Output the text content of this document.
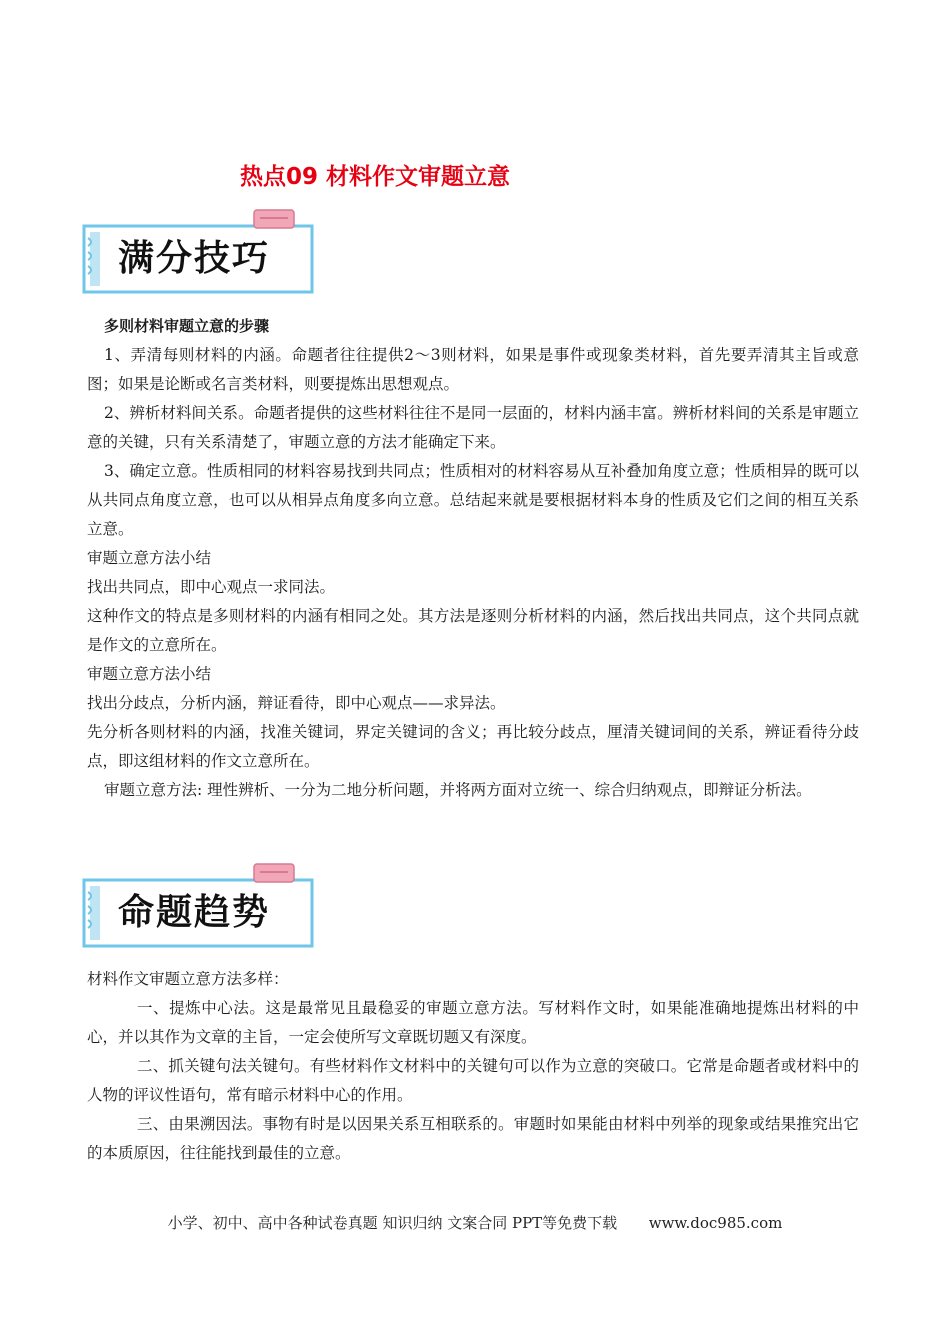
热点09 材料作文审题立意
满分技巧

多则材料审题立意的步骤

1、弄清每则材料的内涵。命题者往往提供2～3则材料，如果是事件或现象类材料，首先要弄清其主旨或意图；如果是论断或名言类材料，则要提炼出思想观点。

2、辨析材料间关系。命题者提供的这些材料往往不是同一层面的，材料内涵丰富。辨析材料间的关系是审题立意的关键，只有关系清楚了，审题立意的方法才能确定下来。

3、确定立意。性质相同的材料容易找到共同点；性质相对的材料容易从互补叠加角度立意；性质相异的既可以从共同点角度立意，也可以从相异点角度多向立意。总结起来就是要根据材料本身的性质及它们之间的相互关系立意。

审题立意方法小结

找出共同点，即中心观点一求同法。

这种作文的特点是多则材料的内涵有相同之处。其方法是逐则分析材料的内涵，然后找出共同点，这个共同点就是作文的立意所在。

审题立意方法小结

找出分歧点，分析内涵，辩证看待，即中心观点——求异法。

先分析各则材料的内涵，找准关键词，界定关键词的含义；再比较分歧点，厘清关键词间的关系，辨证看待分歧点，即这组材料的作文立意所在。

审题立意方法: 理性辨析、一分为二地分析问题，并将两方面对立统一、综合归纳观点，即辩证分析法。

命题趋势

材料作文审题立意方法多样：

一、提炼中心法。这是最常见且最稳妥的审题立意方法。写材料作文时，如果能准确地提炼出材料的中心，并以其作为文章的主旨，一定会使所写文章既切题又有深度。

二、抓关键句法关键句。有些材料作文材料中的关键句可以作为立意的突破口。它常是命题者或材料中的人物的评议性语句，常有暗示材料中心的作用。

三、由果溯因法。事物有时是以因果关系互相联系的。审题时如果能由材料中列举的现象或结果推究出它的本质原因，往往能找到最佳的立意。

小学、初中、高中各种试卷真题 知识归纳 文案合同 PPT等免费下载 www.doc985.com
